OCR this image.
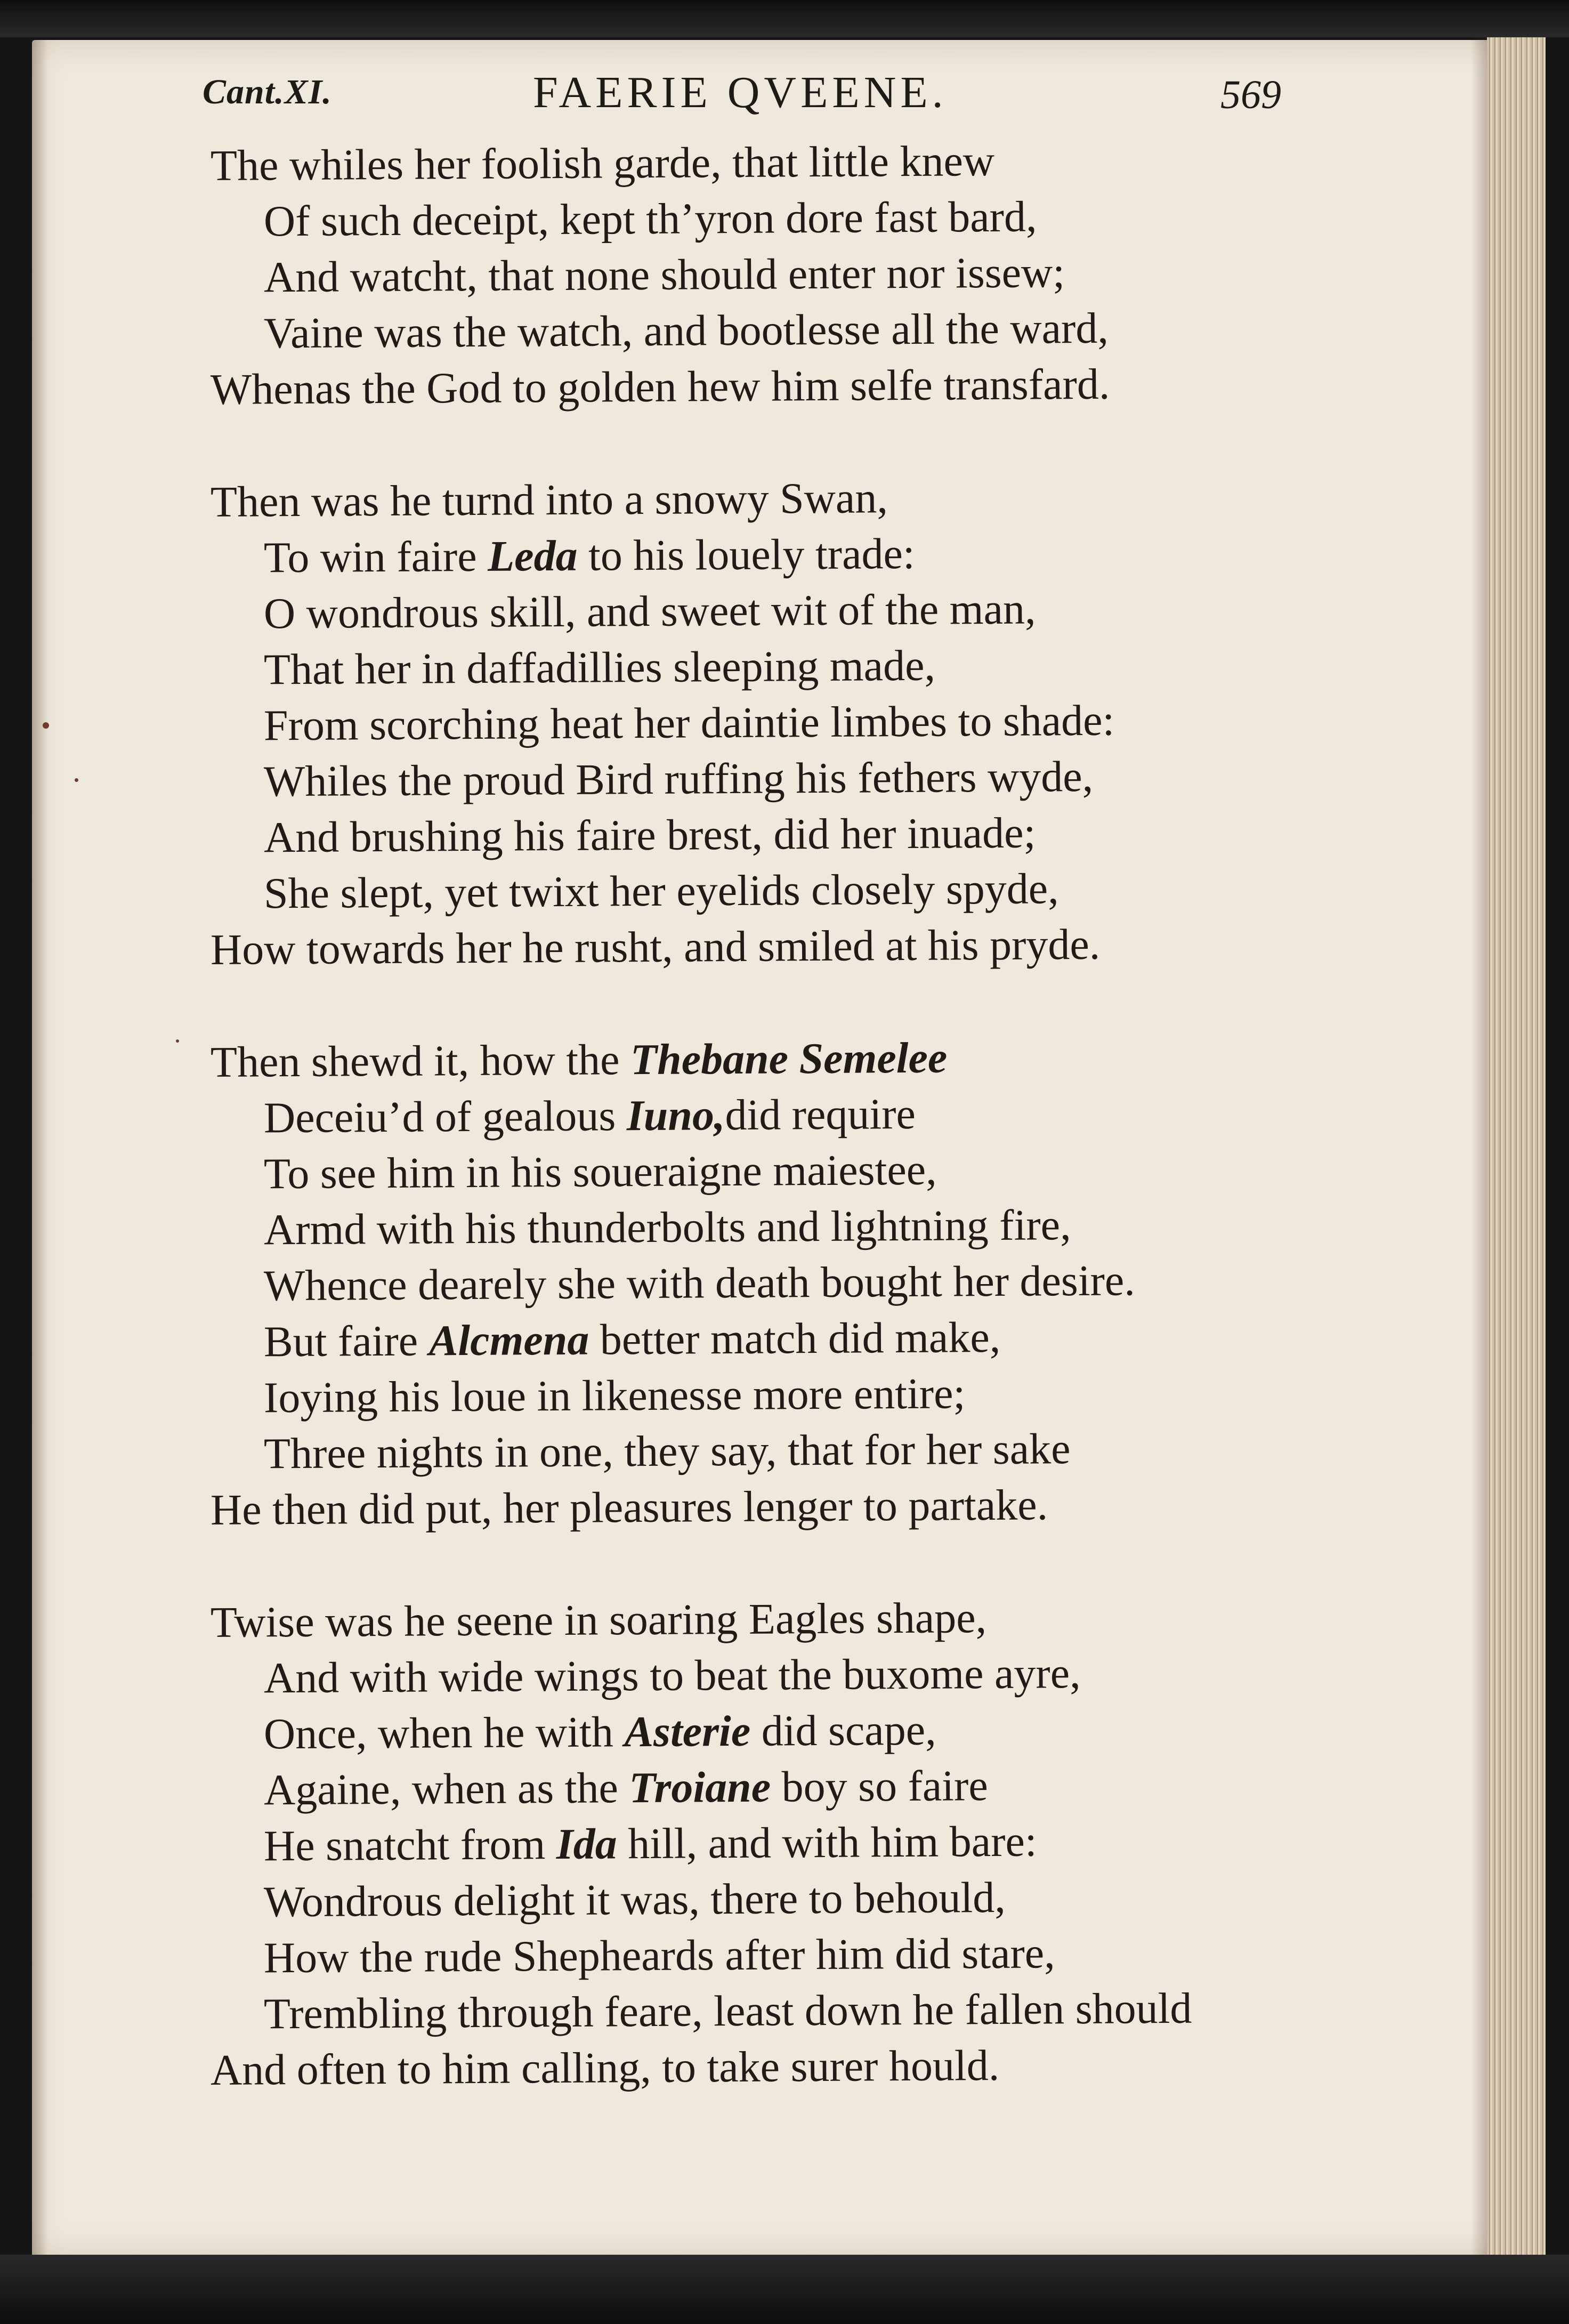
Cant.XI.	FAERIE QVEENE.	569
The whiles her foolish garde, that little knew
Of such deceipt, kept th’yron dore fast bard,
And watcht, that none should enter nor issew;
Vaine was the watch, and bootlesse all the ward,
Whenas the God to golden hew him selfe transfard.
Then was he turnd into a snowy Swan,
To win faire Leda to his louely trade:
O wondrous skill, and sweet wit of the man,
That her in daffadillies sleeping made,
From scorching heat her daintie limbes to shade:
Whiles the proud Bird ruffing his fethers wyde,
And brushing his faire brest, did her inuade;
She slept, yet twixt her eyelids closely spyde,
How towards her he rusht, and smiled at his pryde.
Then shewd it, how the Thebane Semelee
Deceiu’d of gealous Iuno,did require
To see him in his soueraigne maiestee,
Armd with his thunderbolts and lightning fire,
Whence dearely she with death bought her desire.
But faire Alcmena better match did make,
Ioying his loue in likenesse more entire;
Three nights in one, they say, that for her sake
He then did put, her pleasures lenger to partake.
Twise was he seene in soaring Eagles shape,
And with wide wings to beat the buxome ayre,
Once, when he with Asterie did scape,
Againe, when as the Troiane boy so faire
He snatcht from Ida hill, and with him bare:
Wondrous delight it was, there to behould,
How the rude Shepheards after him did stare,
Trembling through feare, least down he fallen should
And often to him calling, to take surer hould.
